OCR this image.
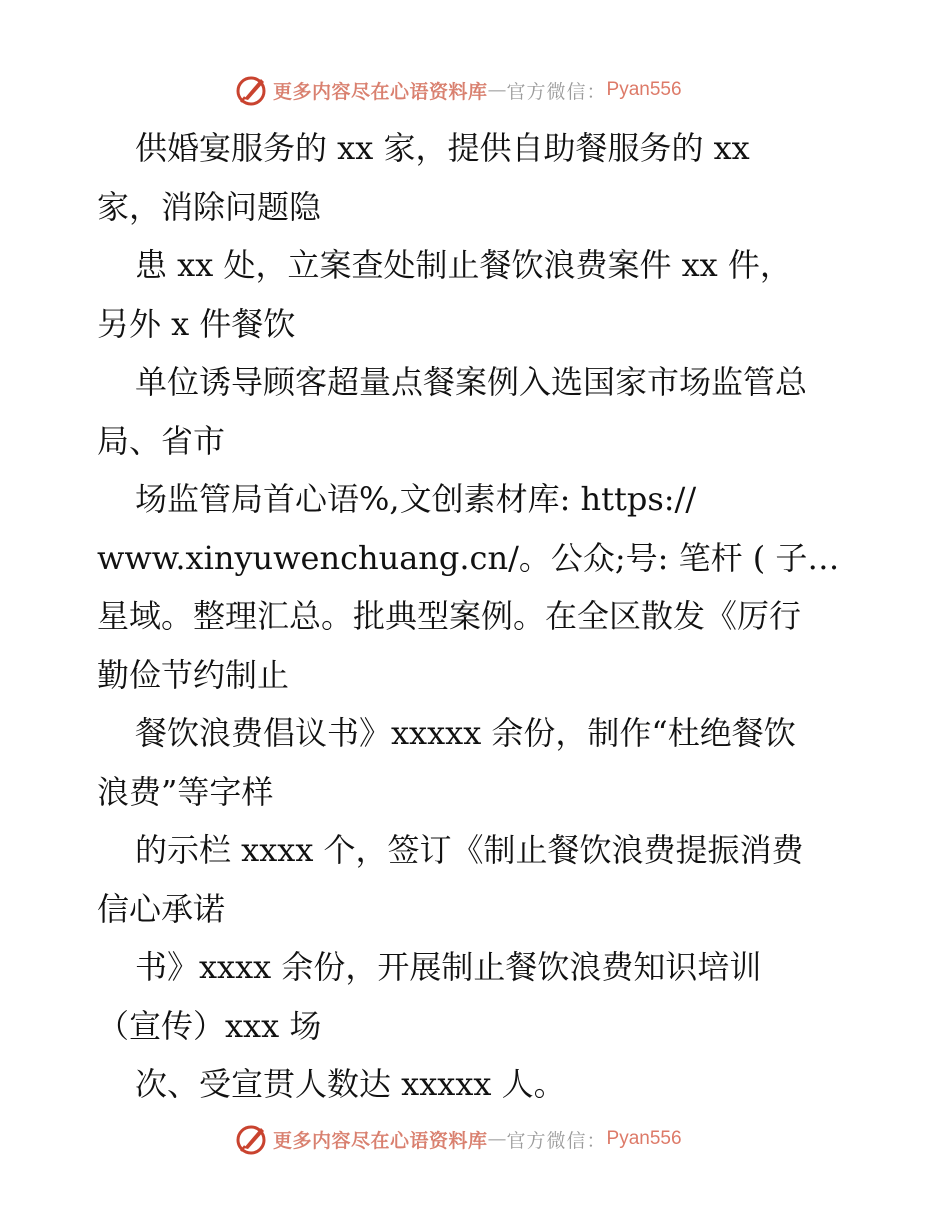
更多内容尽在心语资料库 — 官方微信： Pyan556
供婚宴服务的 xx 家，提供自助餐服务的 xx
家，消除问题隐
患 xx 处，立案查处制止餐饮浪费案件 xx 件，
另外 x 件餐饮
单位诱导顾客超量点餐案例入选国家市场监管总
局、省市
场监管局首心语%,文创素材库: https://
www.xinyuwenchuang.cn/。公众;号: 笔杆 ( 子…
星域。整理汇总。批典型案例。在全区散发《厉行
勤俭节约制止
餐饮浪费倡议书》xxxxx 余份，制作“杜绝餐饮
浪费”等字样
的示栏 xxxx 个，签订《制止餐饮浪费提振消费
信心承诺
书》xxxx 余份，开展制止餐饮浪费知识培训
（宣传）xxx 场
次、受宣贯人数达 xxxxx 人。
更多内容尽在心语资料库 — 官方微信： Pyan556
